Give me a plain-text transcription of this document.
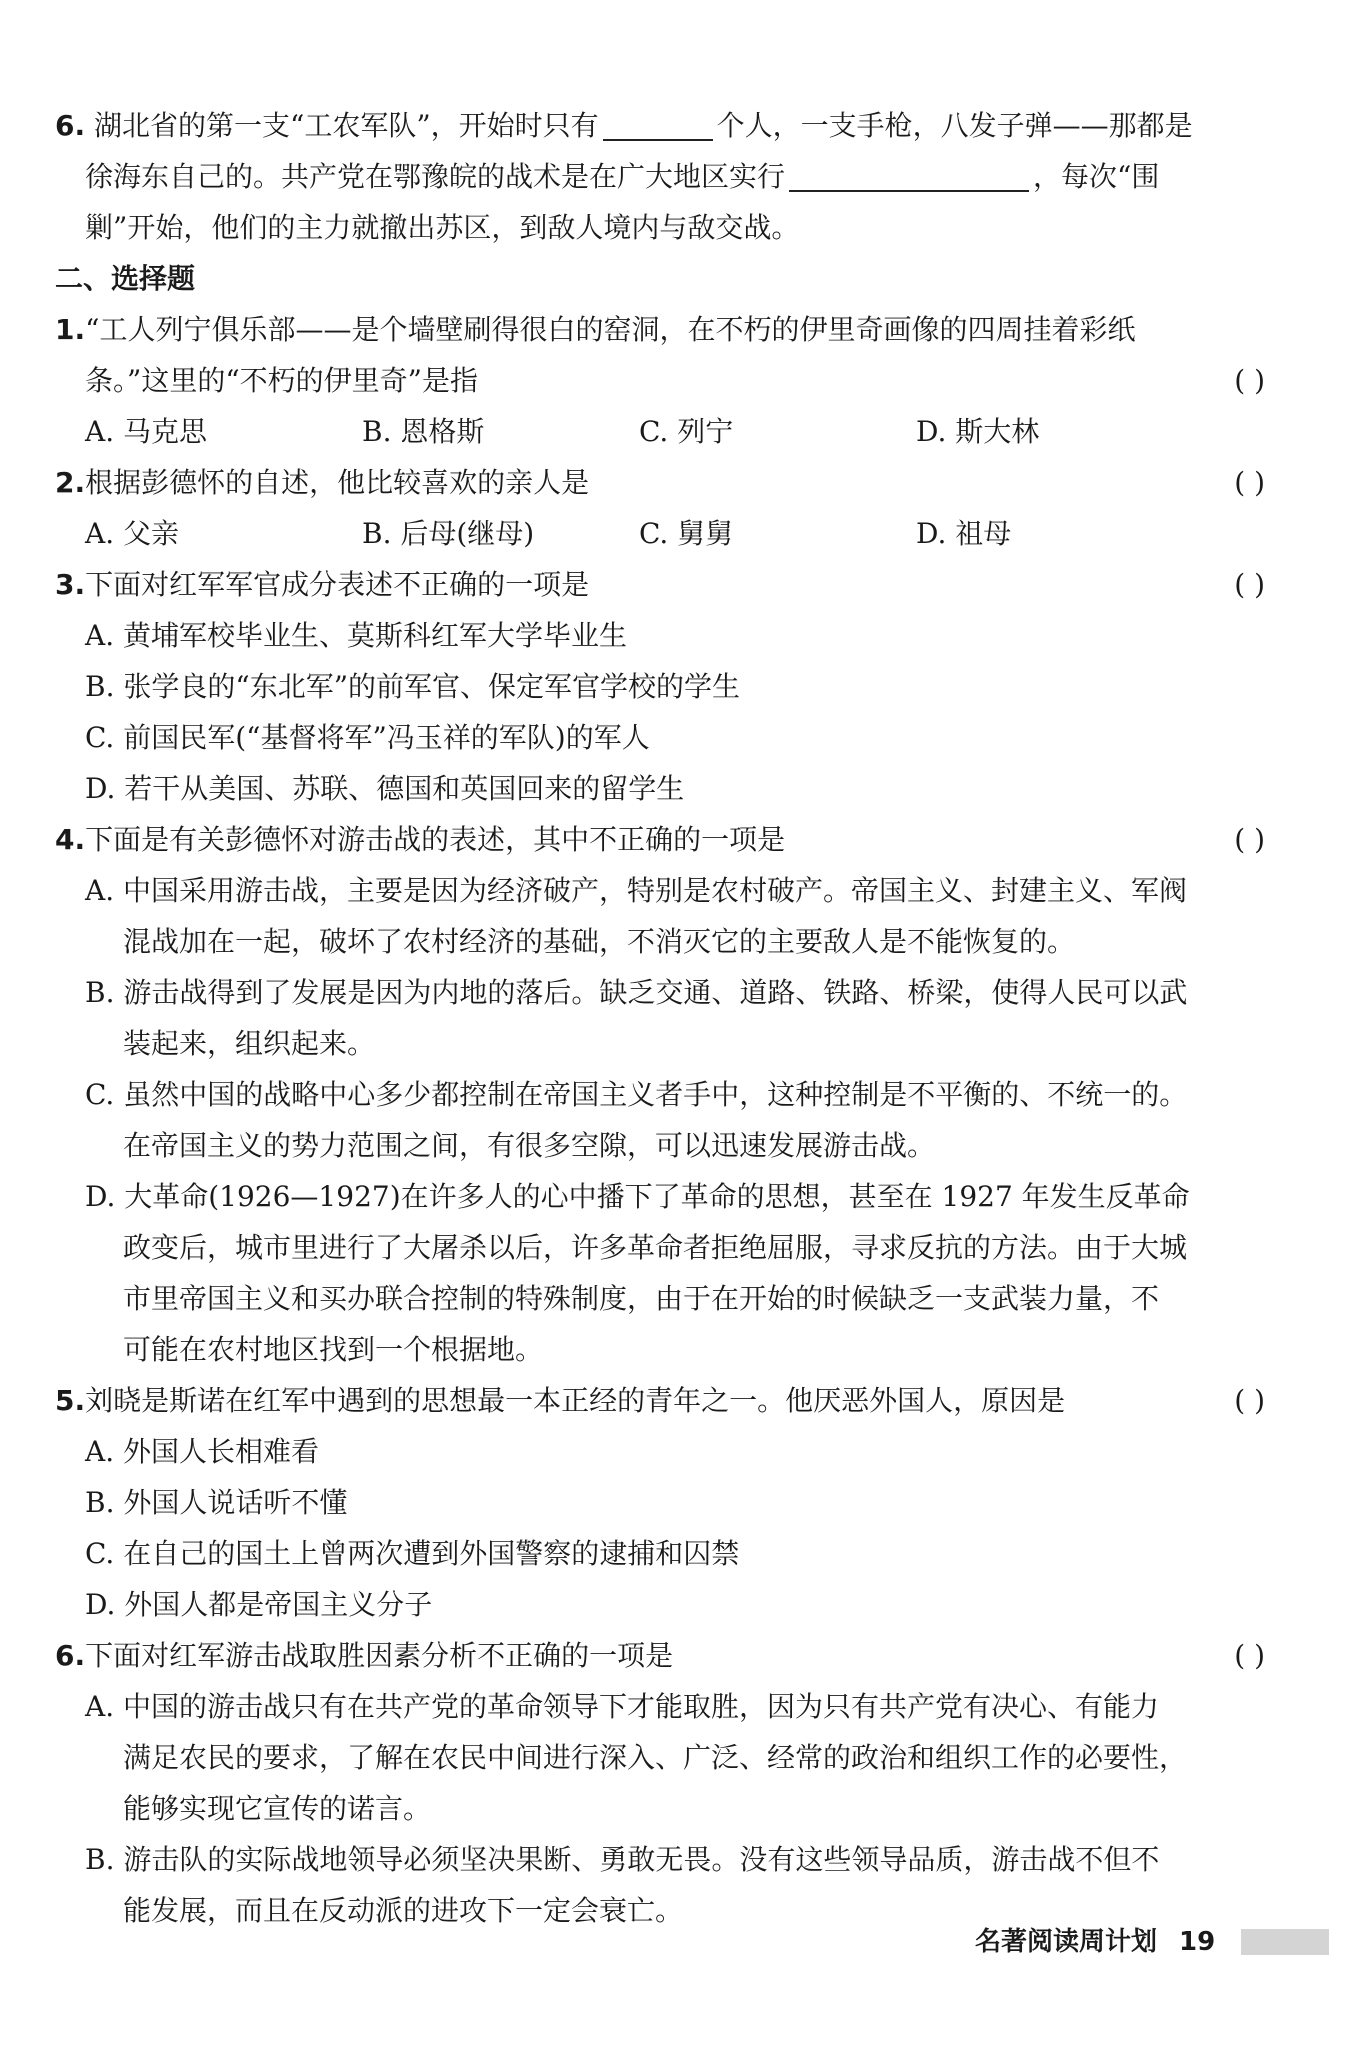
6. 湖北省的第一支“工农军队”，开始时只有	个人，一支手枪，八发子弹——那都是
徐海东自己的。共产党在鄂豫皖的战术是在广大地区实行	，每次“围
剿”开始，他们的主力就撤出苏区，到敌人境内与敌交战。
二、选择题
1.“工人列宁俱乐部——是个墙壁刷得很白的窑洞，在不朽的伊里奇画像的四周挂着彩纸
条。”这里的“不朽的伊里奇”是指	( )
A. 马克思	B. 恩格斯	C. 列宁	D. 斯大林
2.根据彭德怀的自述，他比较喜欢的亲人是	( )
A. 父亲	B. 后母(继母)	C. 舅舅	D. 祖母
3.下面对红军军官成分表述不正确的一项是	( )
A. 黄埔军校毕业生、莫斯科红军大学毕业生
B. 张学良的“东北军”的前军官、保定军官学校的学生
C. 前国民军(“基督将军”冯玉祥的军队)的军人
D. 若干从美国、苏联、德国和英国回来的留学生
4.下面是有关彭德怀对游击战的表述，其中不正确的一项是	( )
A. 中国采用游击战，主要是因为经济破产，特别是农村破产。帝国主义、封建主义、军阀
混战加在一起，破坏了农村经济的基础，不消灭它的主要敌人是不能恢复的。
B. 游击战得到了发展是因为内地的落后。缺乏交通、道路、铁路、桥梁，使得人民可以武
装起来，组织起来。
C. 虽然中国的战略中心多少都控制在帝国主义者手中，这种控制是不平衡的、不统一的。
在帝国主义的势力范围之间，有很多空隙，可以迅速发展游击战。
D. 大革命(1926—1927)在许多人的心中播下了革命的思想，甚至在 1927 年发生反革命
政变后，城市里进行了大屠杀以后，许多革命者拒绝屈服，寻求反抗的方法。由于大城
市里帝国主义和买办联合控制的特殊制度，由于在开始的时候缺乏一支武装力量，不
可能在农村地区找到一个根据地。
5.刘晓是斯诺在红军中遇到的思想最一本正经的青年之一。他厌恶外国人，原因是	( )
A. 外国人长相难看
B. 外国人说话听不懂
C. 在自己的国土上曾两次遭到外国警察的逮捕和囚禁
D. 外国人都是帝国主义分子
6.下面对红军游击战取胜因素分析不正确的一项是	( )
A. 中国的游击战只有在共产党的革命领导下才能取胜，因为只有共产党有决心、有能力
满足农民的要求，了解在农民中间进行深入、广泛、经常的政治和组织工作的必要性，
能够实现它宣传的诺言。
B. 游击队的实际战地领导必须坚决果断、勇敢无畏。没有这些领导品质，游击战不但不
能发展，而且在反动派的进攻下一定会衰亡。
名著阅读周计划 19
